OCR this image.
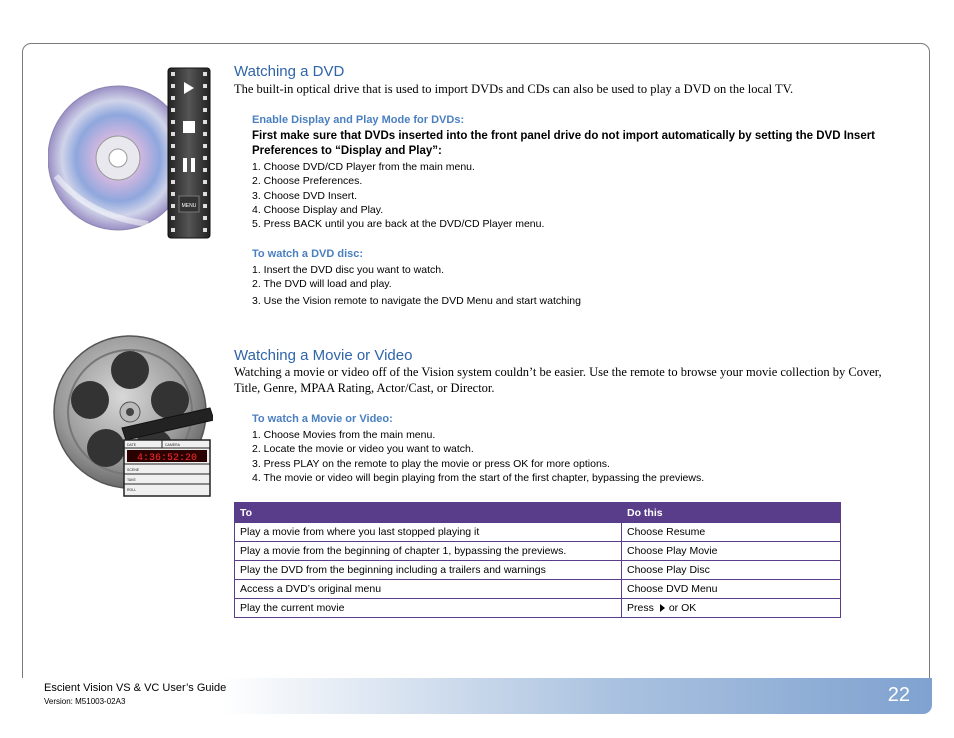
MENU
4:36:52:20
DATE	CAMERA
SCENE
TAKE
ROLL
Watching a DVD
The built-in optical drive that is used to import DVDs and CDs can also be used to play a DVD on the local TV.
Enable Display and Play Mode for DVDs:
First make sure that DVDs inserted into the front panel drive do not import automatically by setting the DVD Insert Preferences to “Display and Play”:
1. Choose DVD/CD Player from the main menu.
2. Choose Preferences.
3. Choose DVD Insert.
4. Choose Display and Play.
5. Press BACK until you are back at the DVD/CD Player menu.
To watch a DVD disc:
1. Insert the DVD disc you want to watch.
2. The DVD will load and play.
3. Use the Vision remote to navigate the DVD Menu and start watching
Watching a Movie or Video
Watching a movie or video off of the Vision system couldn’t be easier. Use the remote to browse your movie collection by Cover, Title, Genre, MPAA Rating, Actor/Cast, or Director.
To watch a Movie or Video:
1. Choose Movies from the main menu.
2. Locate the movie or video you want to watch.
3. Press PLAY on the remote to play the movie or press OK for more options.
4. The movie or video will begin playing from the start of the first chapter, bypassing the previews.
To	Do this
Play a movie from where you last stopped playing it	Choose Resume
Play a movie from the beginning of chapter 1, bypassing the previews.	Choose Play Movie
Play the DVD from the beginning including a trailers and warnings	Choose Play Disc
Access a DVD’s original menu	Choose DVD Menu
Play the current movie	Press or OK
Escient Vision VS & VC User’s Guide
Version: M51003-02A3	22
